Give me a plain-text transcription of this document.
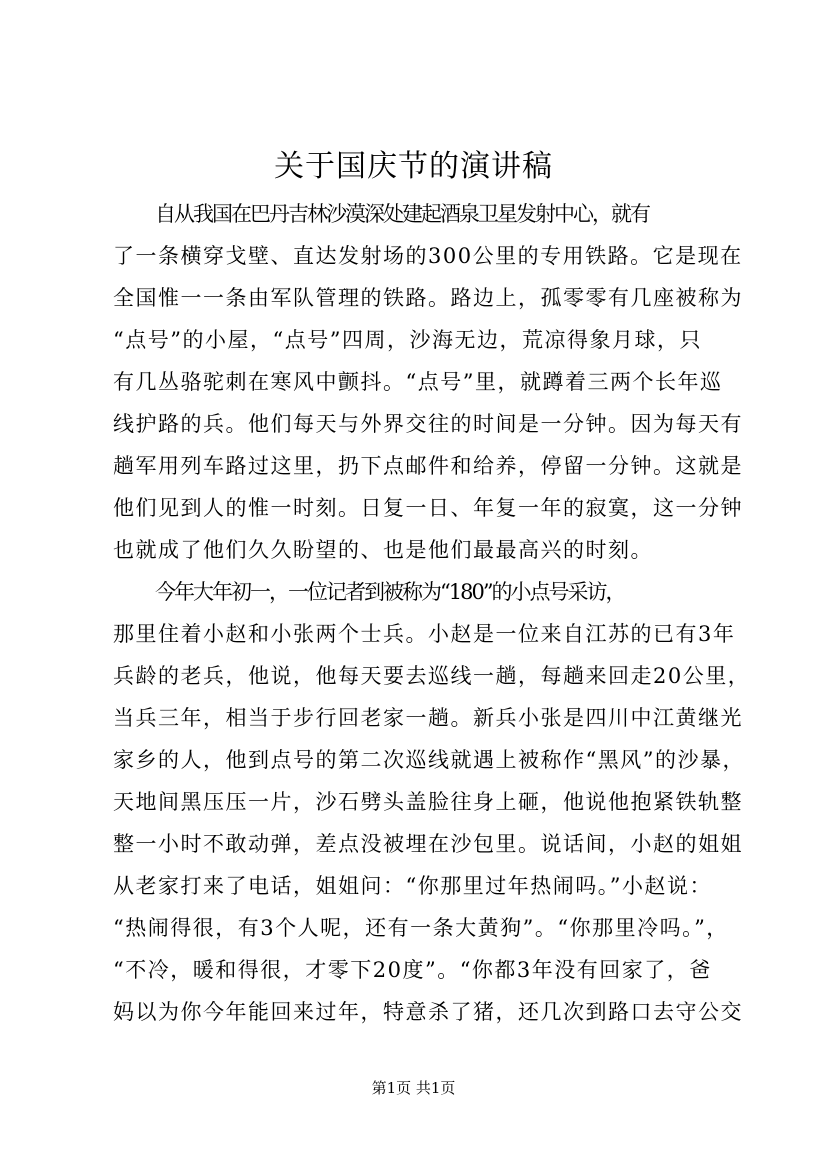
关于国庆节的演讲稿
自从我国在巴丹吉林沙漠深处建起酒泉卫星发射中心，就有
了一条横穿戈壁、直达发射场的300公里的专用铁路。它是现在
全国惟一一条由军队管理的铁路。路边上，孤零零有几座被称为
“点号”的小屋，“点号”四周，沙海无边，荒凉得象月球，只
有几丛骆驼刺在寒风中颤抖。“点号”里，就蹲着三两个长年巡
线护路的兵。他们每天与外界交往的时间是一分钟。因为每天有
趟军用列车路过这里，扔下点邮件和给养，停留一分钟。这就是
他们见到人的惟一时刻。日复一日、年复一年的寂寞，这一分钟
也就成了他们久久盼望的、也是他们最最高兴的时刻。
今年大年初一，一位记者到被称为“180”的小点号采访，
那里住着小赵和小张两个士兵。小赵是一位来自江苏的已有3年
兵龄的老兵，他说，他每天要去巡线一趟，每趟来回走20公里，
当兵三年，相当于步行回老家一趟。新兵小张是四川中江黄继光
家乡的人，他到点号的第二次巡线就遇上被称作“黑风”的沙暴，
天地间黑压压一片，沙石劈头盖脸往身上砸，他说他抱紧铁轨整
整一小时不敢动弹，差点没被埋在沙包里。说话间，小赵的姐姐
从老家打来了电话，姐姐问：“你那里过年热闹吗。”小赵说：
“热闹得很，有3个人呢，还有一条大黄狗”。“你那里冷吗。”，
“不冷，暖和得很，才零下20度”。“你都3年没有回家了，爸
妈以为你今年能回来过年，特意杀了猪，还几次到路口去守公交
第1页 共1页
